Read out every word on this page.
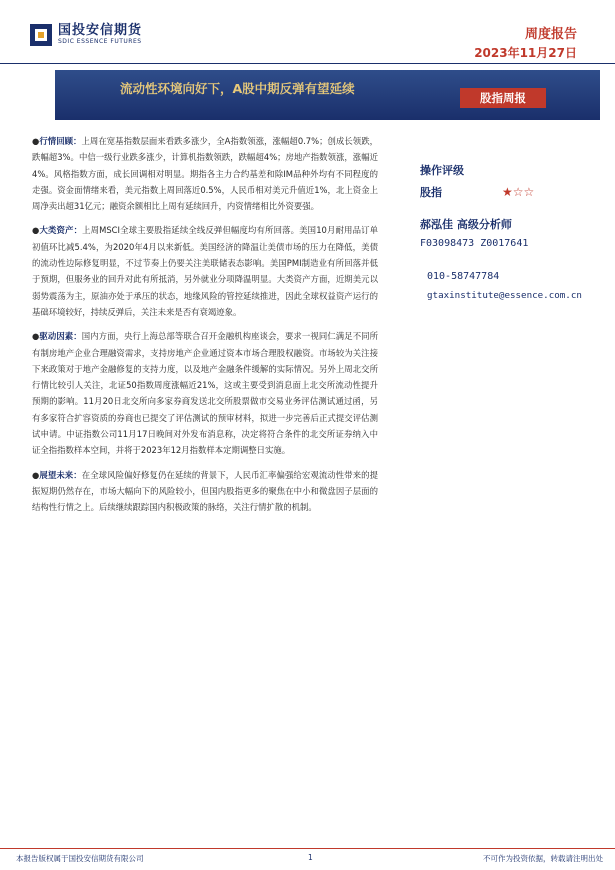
国投安信期货
SDIC ESSENCE FUTURES	周度报告
2023年11月27日
流动性环境向好下，A股中期反弹有望延续
股指周报

●行情回顾：上周在宽基指数层面来看跌多涨少，全A指数领涨，涨幅超0.7%；创成长领跌，跌幅超3%。中信一级行业跌多涨少，计算机指数领跌，跌幅超4%；房地产指数领涨，涨幅近4%。风格指数方面，成长回调相对明显。期指各主力合约基差和除IM品种外均有不同程度的走强。资金面情绪来看，美元指数上周回落近0.5%，人民币相对美元升值近1%，北上资金上周净卖出超31亿元；融资余额相比上周有延续回升，内资情绪相比外资要强。

●大类资产：上周MSCI全球主要股指延续全线反弹但幅度均有所回落。美国10月耐用品订单初值环比减5.4%，为2020年4月以来新低。美国经济的降温让美债市场的压力在降低，美债的流动性边际修复明显，不过节奏上仍要关注美联储表态影响。美国PMI制造业有所回落并低于预期，但服务业的回升对此有所抵消，另外就业分项降温明显。大类资产方面，近期美元以弱势震荡为主，原油亦处于承压的状态，地缘风险的管控延续推进，因此全球权益资产运行的基础环境较好，持续反弹后，关注未来是否有衰竭迹象。

●驱动因素：国内方面，央行上海总部等联合召开金融机构座谈会，要求一视同仁满足不同所有制房地产企业合理融资需求，支持房地产企业通过资本市场合理股权融资。市场较为关注接下来政策对于地产金融修复的支持力度，以及地产金融条件缓解的实际情况。另外上周北交所行情比较引人关注，北证50指数周度涨幅近21%，这或主要受到消息面上北交所流动性提升预期的影响。11月20日北交所向多家券商发送北交所股票做市交易业务评估测试通过函，另有多家符合扩容资质的券商也已提交了评估测试的预审材料，拟进一步完善后正式提交评估测试申请。中证指数公司11月17日晚间对外发布消息称，决定将符合条件的北交所证券纳入中证全指指数样本空间，并将于2023年12月指数样本定期调整日实施。

●展望未来：在全球风险偏好修复仍在延续的背景下，人民币汇率偏强给宏观流动性带来的提振短期仍然存在，市场大幅向下的风险较小，但国内股指更多的聚焦在中小和微盘因子层面的结构性行情之上。后续继续跟踪国内积极政策的脉络，关注行情扩散的机制。

操作评级
股指	★☆☆
郝泓佳 高级分析师
F03098473 Z0017641
010-58747784
gtaxinstitute@essence.com.cn
本报告版权属于国投安信期货有限公司	1	不可作为投资依据，转载请注明出处
